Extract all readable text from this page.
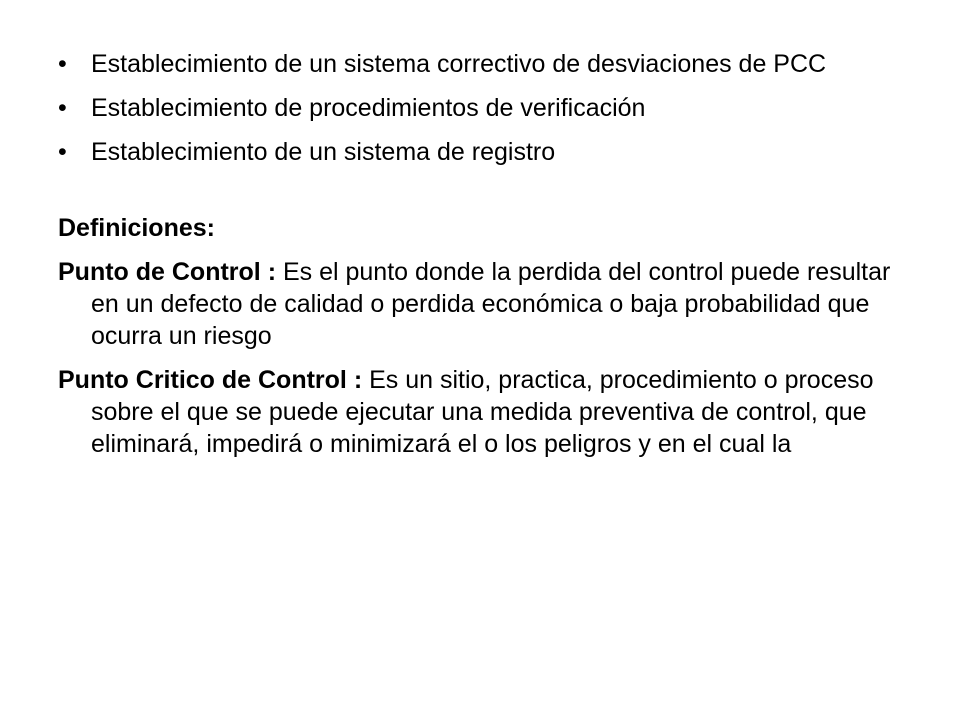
• Establecimiento de un sistema correctivo de desviaciones de PCC
• Establecimiento de procedimientos de verificación
• Establecimiento de un sistema de registro
Definiciones:
Punto de Control : Es el punto donde la perdida del control puede resultar en un defecto de calidad o perdida económica o baja probabilidad que ocurra un riesgo
Punto Critico de Control : Es un sitio, practica, procedimiento o proceso sobre el que se puede ejecutar una medida preventiva de control, que eliminará, impedirá o minimizará el o los peligros y en el cual la
